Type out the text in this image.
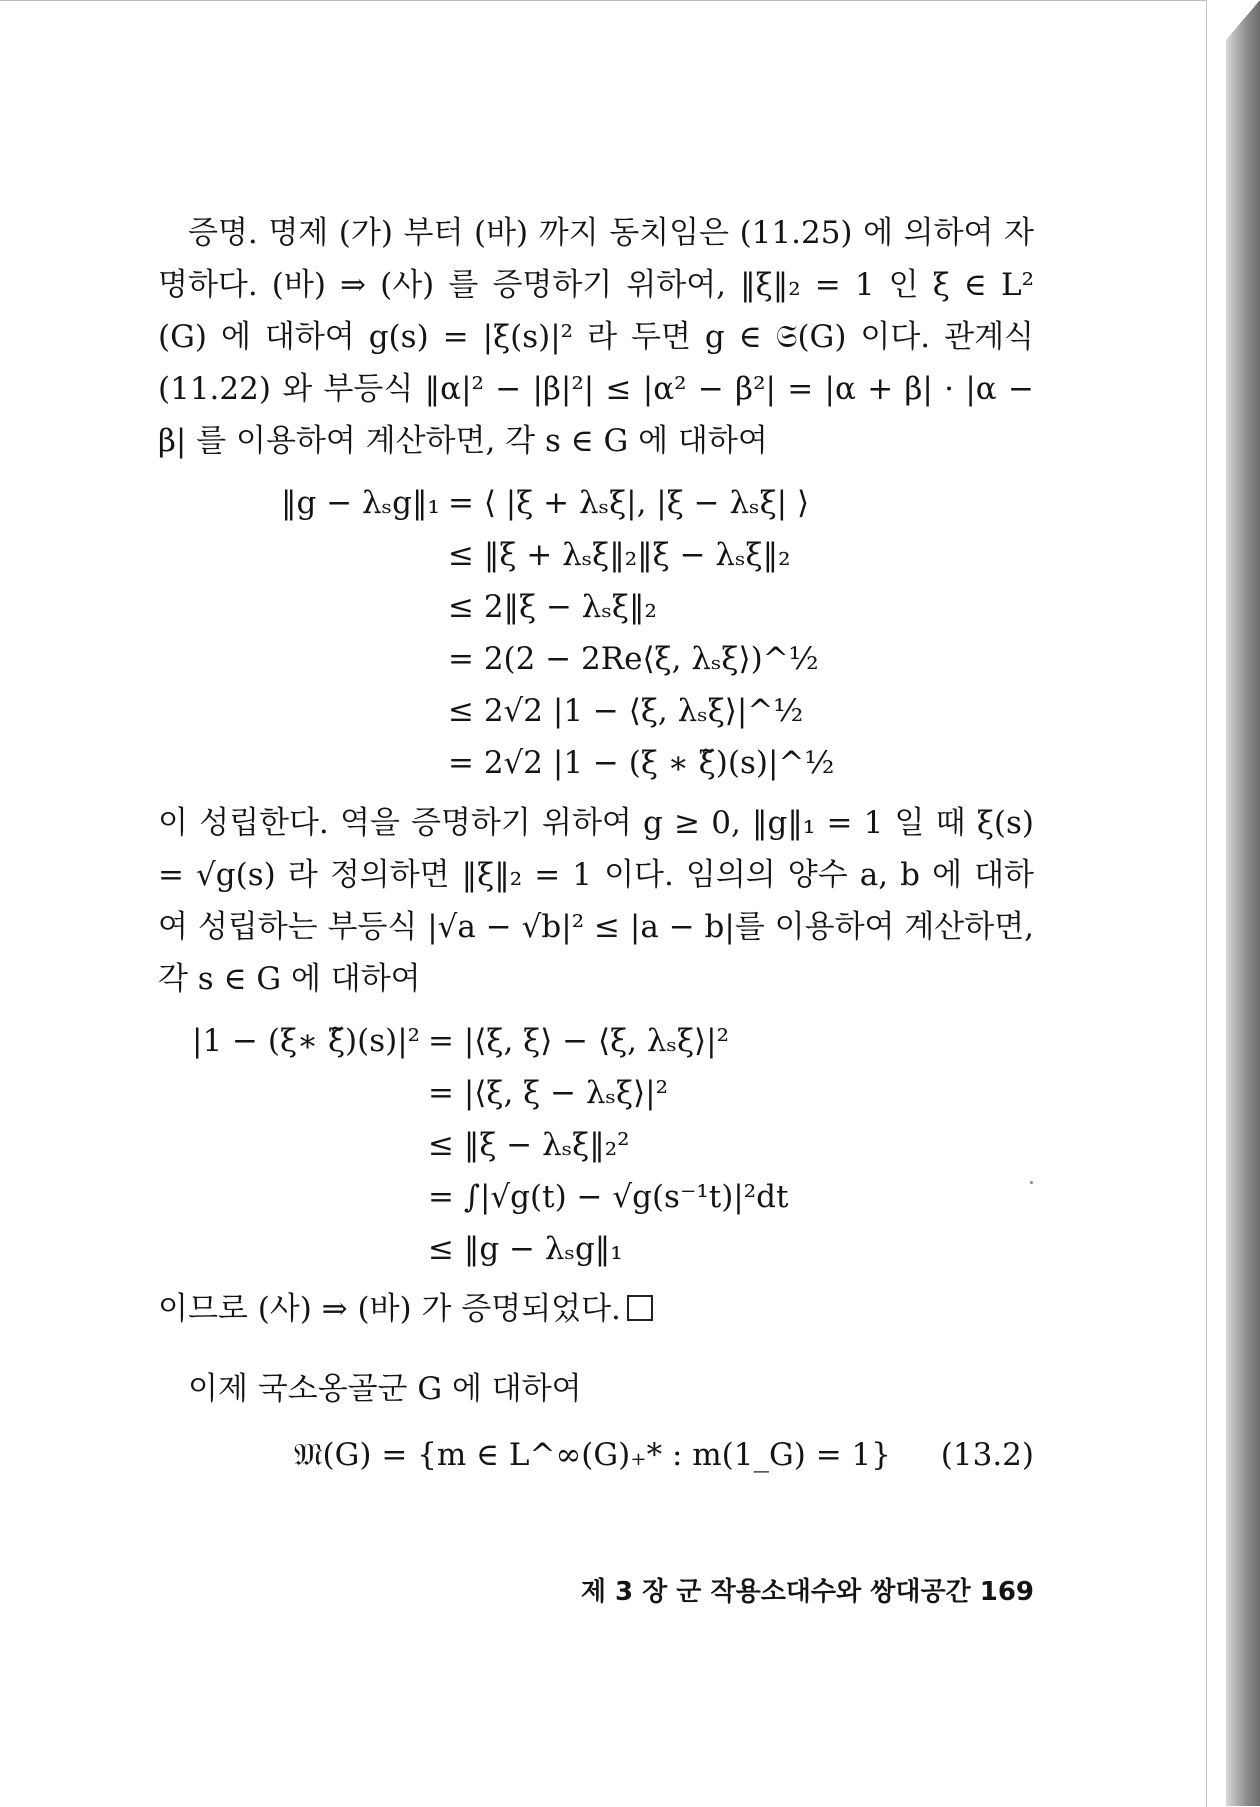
증명. 명제 (가) 부터 (바) 까지 동치임은 (11.25) 에 의하여 자명하다. (바) ⇒ (사) 를 증명하기 위하여, ‖ξ‖₂ = 1 인 ξ ∈ L² (G) 에 대하여 g(s) = |ξ(s)|² 라 두면 g ∈ 𝔖(G) 이다. 관계식 (11.22) 와 부등식 ‖α|² − |β|²| ≤ |α² − β²| = |α + β| · |α − β| 를 이용하여 계산하면, 각 s ∈ G 에 대하여

‖g − λₛg‖₁ = ⟨ |ξ + λₛξ|, |ξ − λₛξ| ⟩
≤ ‖ξ + λₛξ‖₂‖ξ − λₛξ‖₂
≤ 2‖ξ − λₛξ‖₂
= 2(2 − 2Re⟨ξ, λₛξ⟩)^½
≤ 2√2 |1 − ⟨ξ, λₛξ⟩|^½
= 2√2 |1 − (ξ ∗ ξ̃)(s)|^½

이 성립한다. 역을 증명하기 위하여 g ≥ 0, ‖g‖₁ = 1 일 때 ξ(s) = √g(s) 라 정의하면 ‖ξ‖₂ = 1 이다. 임의의 양수 a, b 에 대하여 성립하는 부등식 |√a − √b|² ≤ |a − b|를 이용하여 계산하면, 각 s ∈ G 에 대하여

|1 − (ξ∗ ξ̃)(s)|² = |⟨ξ, ξ⟩ − ⟨ξ, λₛξ⟩|²
= |⟨ξ, ξ − λₛξ⟩|²
≤ ‖ξ − λₛξ‖₂²
= ∫|√g(t) − √g(s⁻¹t)|²dt
≤ ‖g − λₛg‖₁

이므로 (사) ⇒ (바) 가 증명되었다.

이제 국소옹골군 G 에 대하여

𝔐(G) = {m ∈ L^∞(G)₊* : m(1_G) = 1} (13.2)
제 3 장 군 작용소대수와 쌍대공간 169
